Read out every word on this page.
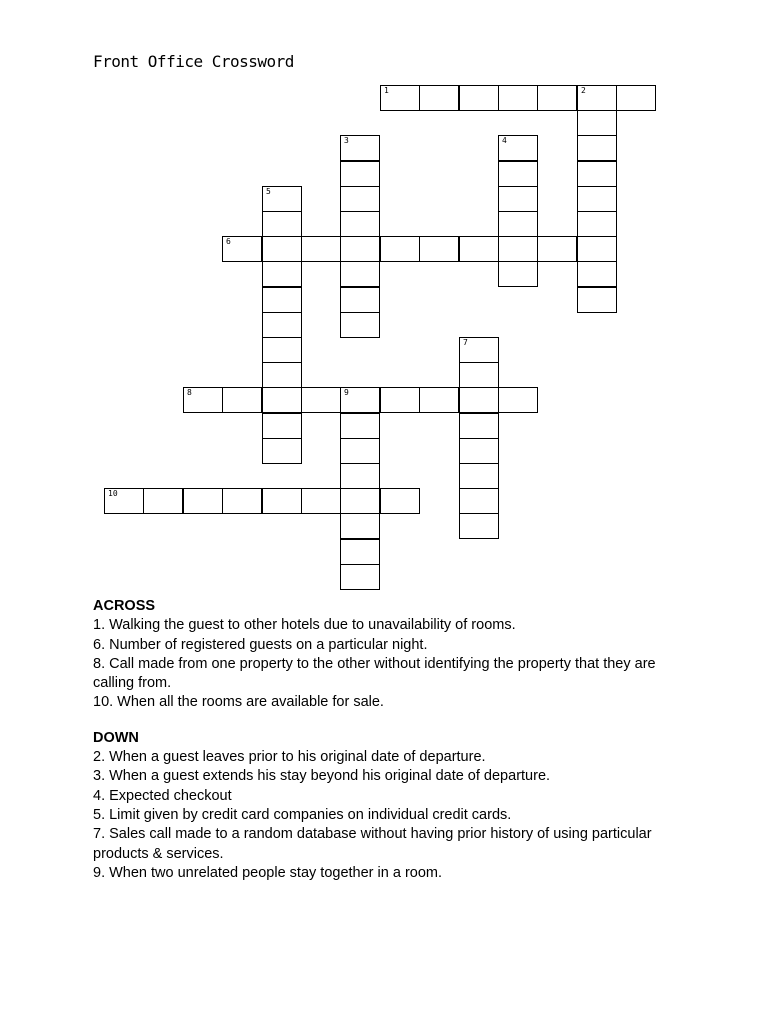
Front Office Crossword
1	2
3	4
5
6
7
8	9
10
ACROSS

1. Walking the guest to other hotels due to unavailability of rooms.

6. Number of registered guests on a particular night.

8. Call made from one property to the other without identifying the property that they are calling from.

10. When all the rooms are available for sale.

DOWN

2. When a guest leaves prior to his original date of departure.

3. When a guest extends his stay beyond his original date of departure.

4. Expected checkout

5. Limit given by credit card companies on individual credit cards.

7. Sales call made to a random database without having prior history of using particular products & services.

9. When two unrelated people stay together in a room.
